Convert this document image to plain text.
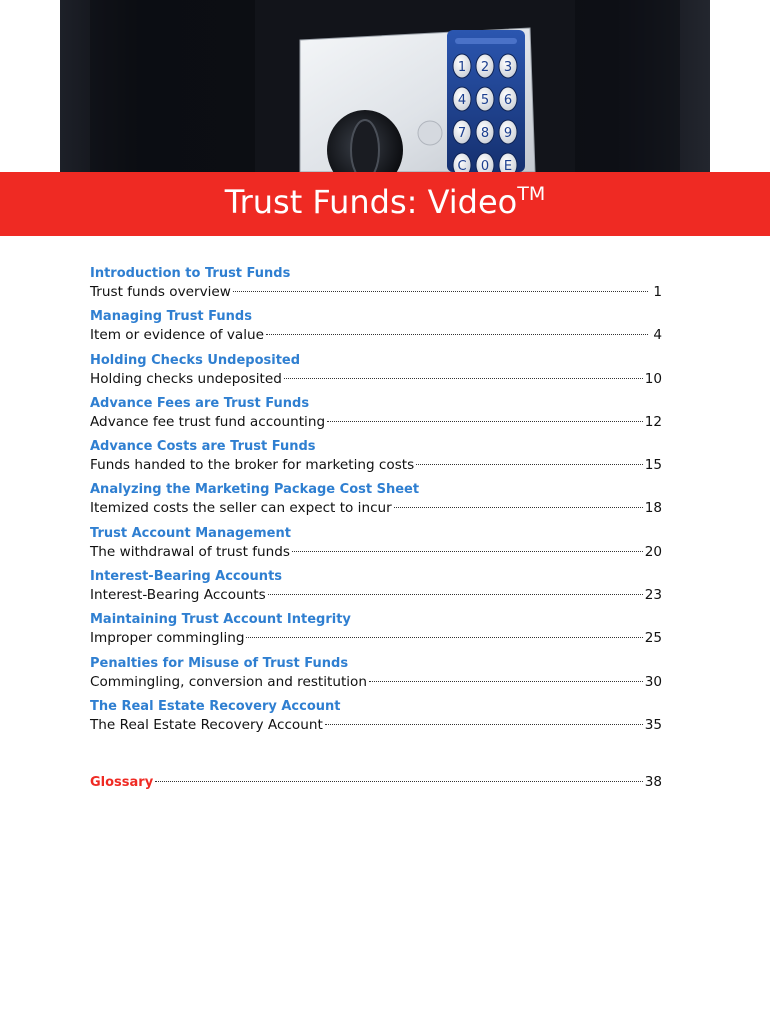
1 2 3
4 5 6
7 8 9
C 0 E
Trust Funds: Video™
Introduction to Trust Funds
Trust funds overview	1
Managing Trust Funds
Item or evidence of value	4
Holding Checks Undeposited
Holding checks undeposited	10
Advance Fees are Trust Funds
Advance fee trust fund accounting	12
Advance Costs are Trust Funds
Funds handed to the broker for marketing costs	15
Analyzing the Marketing Package Cost Sheet
Itemized costs the seller can expect to incur	18
Trust Account Management
The withdrawal of trust funds	20
Interest-Bearing Accounts
Interest-Bearing Accounts	23
Maintaining Trust Account Integrity
Improper commingling	25
Penalties for Misuse of Trust Funds
Commingling, conversion and restitution	30
The Real Estate Recovery Account
The Real Estate Recovery Account	35
Glossary	38
